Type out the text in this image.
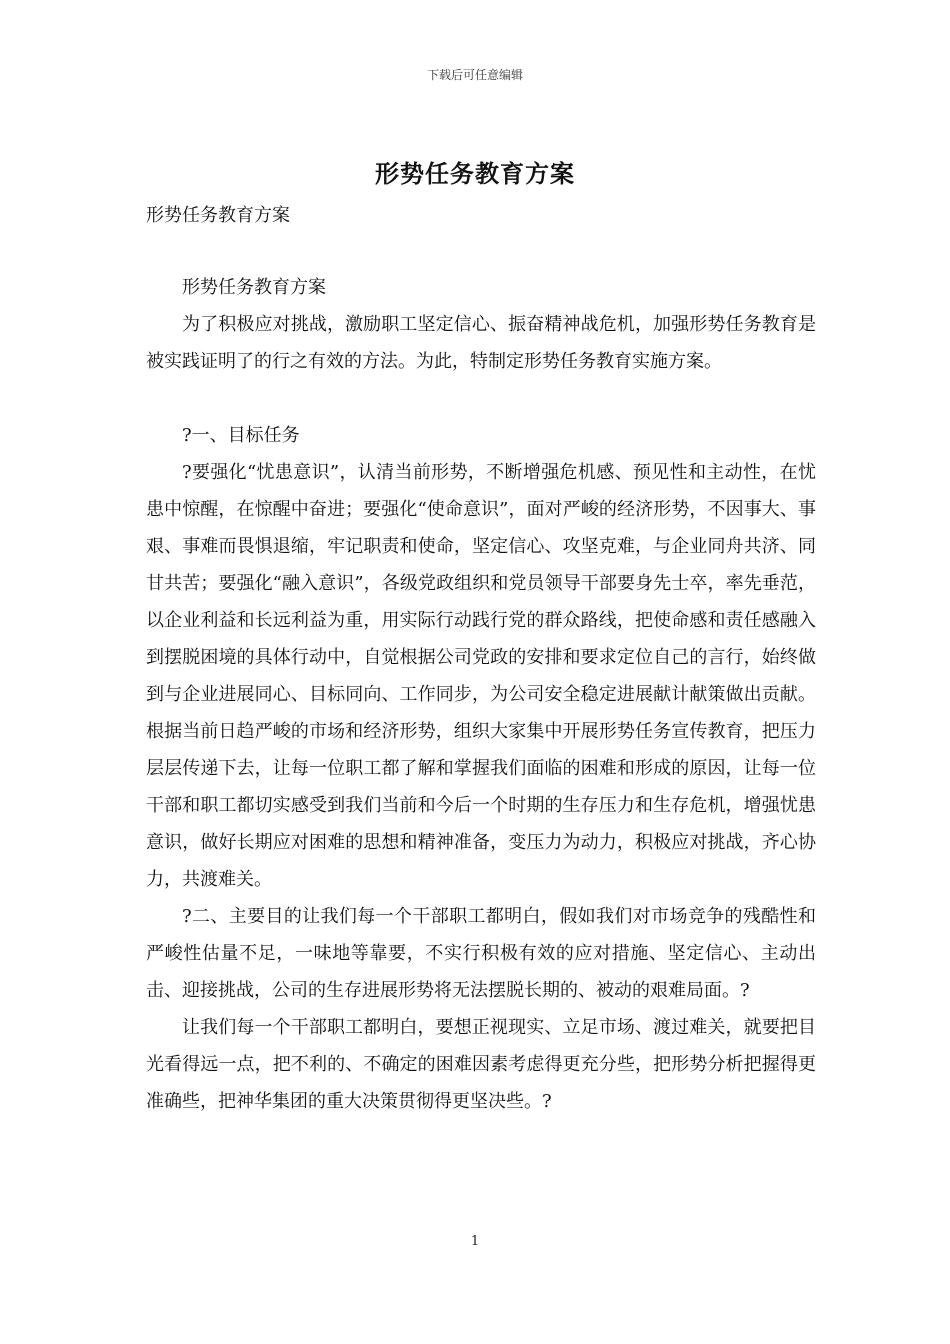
下载后可任意编辑
形势任务教育方案
形势任务教育方案

形势任务教育方案

为了积极应对挑战，激励职工坚定信心、振奋精神战危机，加强形势任务教育是被实践证明了的行之有效的方法。为此，特制定形势任务教育实施方案。

?一、目标任务

?要强化“忧患意识”，认清当前形势，不断增强危机感、预见性和主动性，在忧患中惊醒，在惊醒中奋进；要强化“使命意识”，面对严峻的经济形势，不因事大、事艰、事难而畏惧退缩，牢记职责和使命，坚定信心、攻坚克难，与企业同舟共济、同甘共苦；要强化“融入意识”，各级党政组织和党员领导干部要身先士卒，率先垂范，以企业利益和长远利益为重，用实际行动践行党的群众路线，把使命感和责任感融入到摆脱困境的具体行动中，自觉根据公司党政的安排和要求定位自己的言行，始终做到与企业进展同心、目标同向、工作同步，为公司安全稳定进展献计献策做出贡献。根据当前日趋严峻的市场和经济形势，组织大家集中开展形势任务宣传教育，把压力层层传递下去，让每一位职工都了解和掌握我们面临的困难和形成的原因，让每一位干部和职工都切实感受到我们当前和今后一个时期的生存压力和生存危机，增强忧患意识，做好长期应对困难的思想和精神准备，变压力为动力，积极应对挑战，齐心协力，共渡难关。

?二、主要目的让我们每一个干部职工都明白，假如我们对市场竞争的残酷性和严峻性估量不足，一味地等靠要，不实行积极有效的应对措施、坚定信心、主动出击、迎接挑战，公司的生存进展形势将无法摆脱长期的、被动的艰难局面。?

让我们每一个干部职工都明白，要想正视现实、立足市场、渡过难关，就要把目光看得远一点，把不利的、不确定的困难因素考虑得更充分些，把形势分析把握得更准确些，把神华集团的重大决策贯彻得更坚决些。?

1
